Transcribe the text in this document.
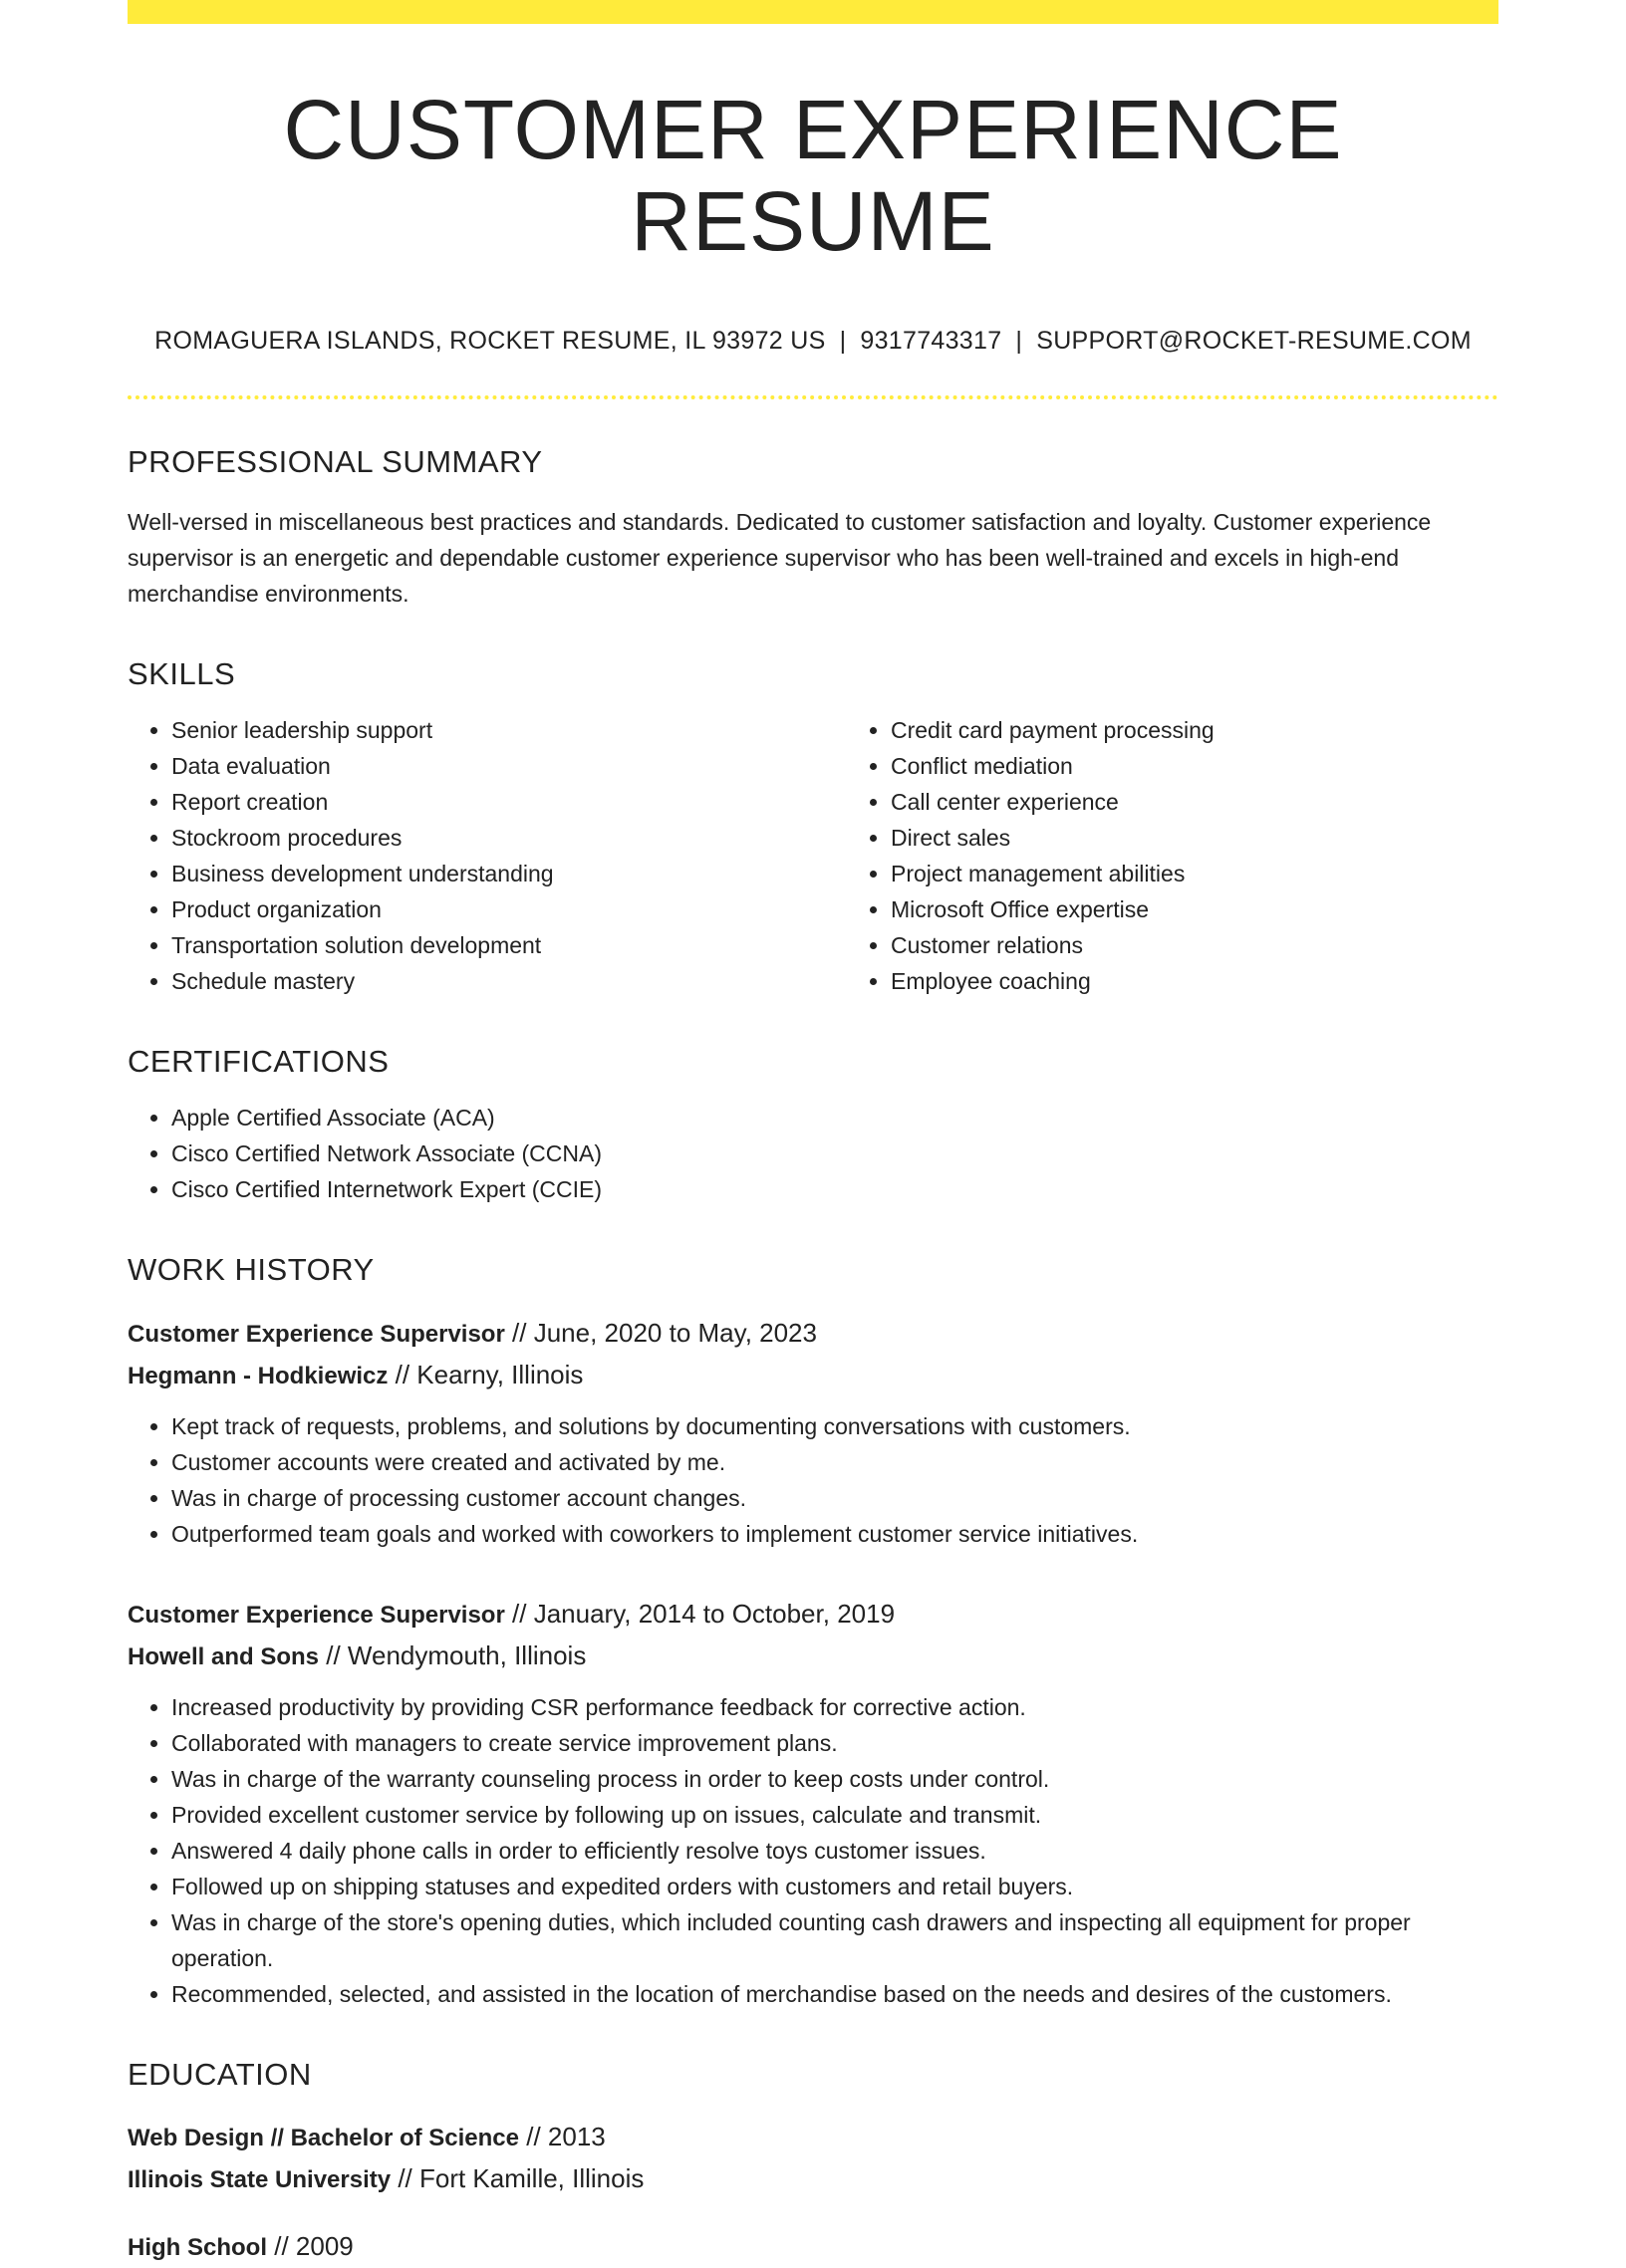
CUSTOMER EXPERIENCE RESUME
ROMAGUERA ISLANDS, ROCKET RESUME, IL 93972 US | 9317743317 | SUPPORT@ROCKET-RESUME.COM
PROFESSIONAL SUMMARY

Well-versed in miscellaneous best practices and standards. Dedicated to customer satisfaction and loyalty. Customer experience supervisor is an energetic and dependable customer experience supervisor who has been well-trained and excels in high-end merchandise environments.

SKILLS
• Senior leadership support
• Data evaluation
• Report creation
• Stockroom procedures
• Business development understanding
• Product organization
• Transportation solution development
• Schedule mastery
• Credit card payment processing
• Conflict mediation
• Call center experience
• Direct sales
• Project management abilities
• Microsoft Office expertise
• Customer relations
• Employee coaching
CERTIFICATIONS
• Apple Certified Associate (ACA)
• Cisco Certified Network Associate (CCNA)
• Cisco Certified Internetwork Expert (CCIE)
WORK HISTORY
Customer Experience Supervisor // June, 2020 to May, 2023
Hegmann - Hodkiewicz // Kearny, Illinois
• Kept track of requests, problems, and solutions by documenting conversations with customers.
• Customer accounts were created and activated by me.
• Was in charge of processing customer account changes.
• Outperformed team goals and worked with coworkers to implement customer service initiatives.
Customer Experience Supervisor // January, 2014 to October, 2019
Howell and Sons // Wendymouth, Illinois
• Increased productivity by providing CSR performance feedback for corrective action.
• Collaborated with managers to create service improvement plans.
• Was in charge of the warranty counseling process in order to keep costs under control.
• Provided excellent customer service by following up on issues, calculate and transmit.
• Answered 4 daily phone calls in order to efficiently resolve toys customer issues.
• Followed up on shipping statuses and expedited orders with customers and retail buyers.
• Was in charge of the store's opening duties, which included counting cash drawers and inspecting all equipment for proper operation.
• Recommended, selected, and assisted in the location of merchandise based on the needs and desires of the customers.
EDUCATION
Web Design // Bachelor of Science // 2013
Illinois State University // Fort Kamille, Illinois
High School // 2009
